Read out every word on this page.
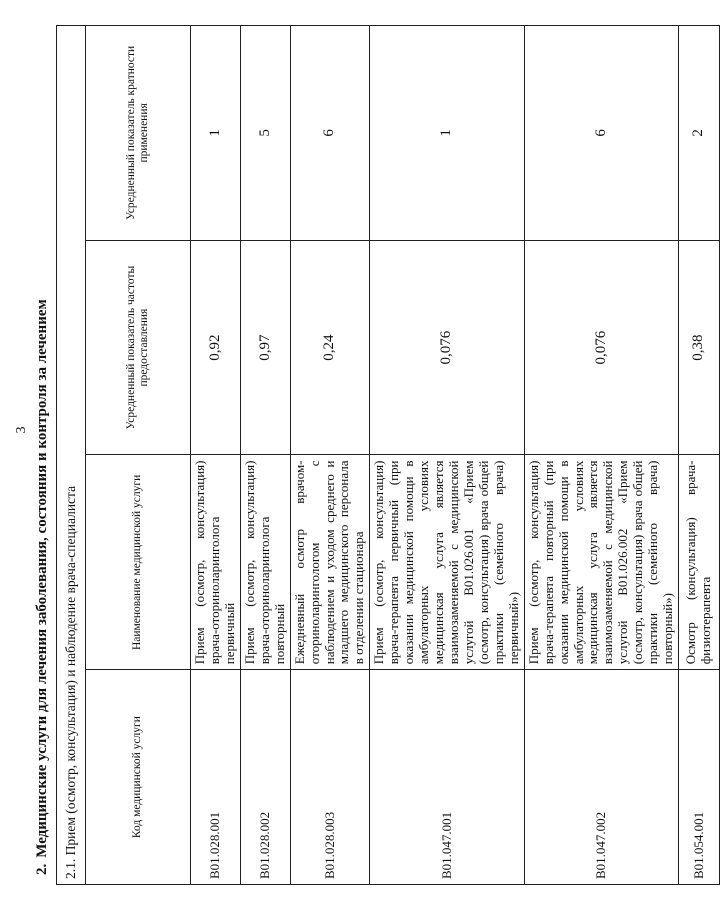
3
2.Медицинские услуги для лечения заболевания, состояния и контроля за лечением 2.1. Прием (осмотр, консультация) и наблюдение врача-специалиста			
Код медицинской услуги	Наименование медицинской услуги	Усредненный показатель частоты предоставления	Усредненный показатель кратности применения
B01.028.001	Прием (осмотр, консультация) врача-оториноларинголога первичный	0,92	1
B01.028.002	Прием (осмотр, консультация) врача-оториноларинголога повторный	0,97	5
B01.028.003	Ежедневный осмотр врачом-оториноларингологом с наблюдением и уходом среднего и младшего медицинского персонала в отделении стационара	0,24	6
B01.047.001	Прием (осмотр, консультация) врача-терапевта первичный (при оказании медицинской помощи в амбулаторных условиях медицинская услуга является взаимозаменяемой с медицинской услугой B01.026.001 «Прием (осмотр, консультация) врача общей практики (семейного врача) первичный»)	0,076	1
B01.047.002	Прием (осмотр, консультация) врача-терапевта повторный (при оказании медицинской помощи в амбулаторных условиях медицинская услуга является взаимозаменяемой с медицинской услугой B01.026.002 «Прием (осмотр, консультация) врача общей практики (семейного врача) повторный»)	0,076	6
B01.054.001	Осмотр (консультация) врача-физиотерапевта	0,38	2
